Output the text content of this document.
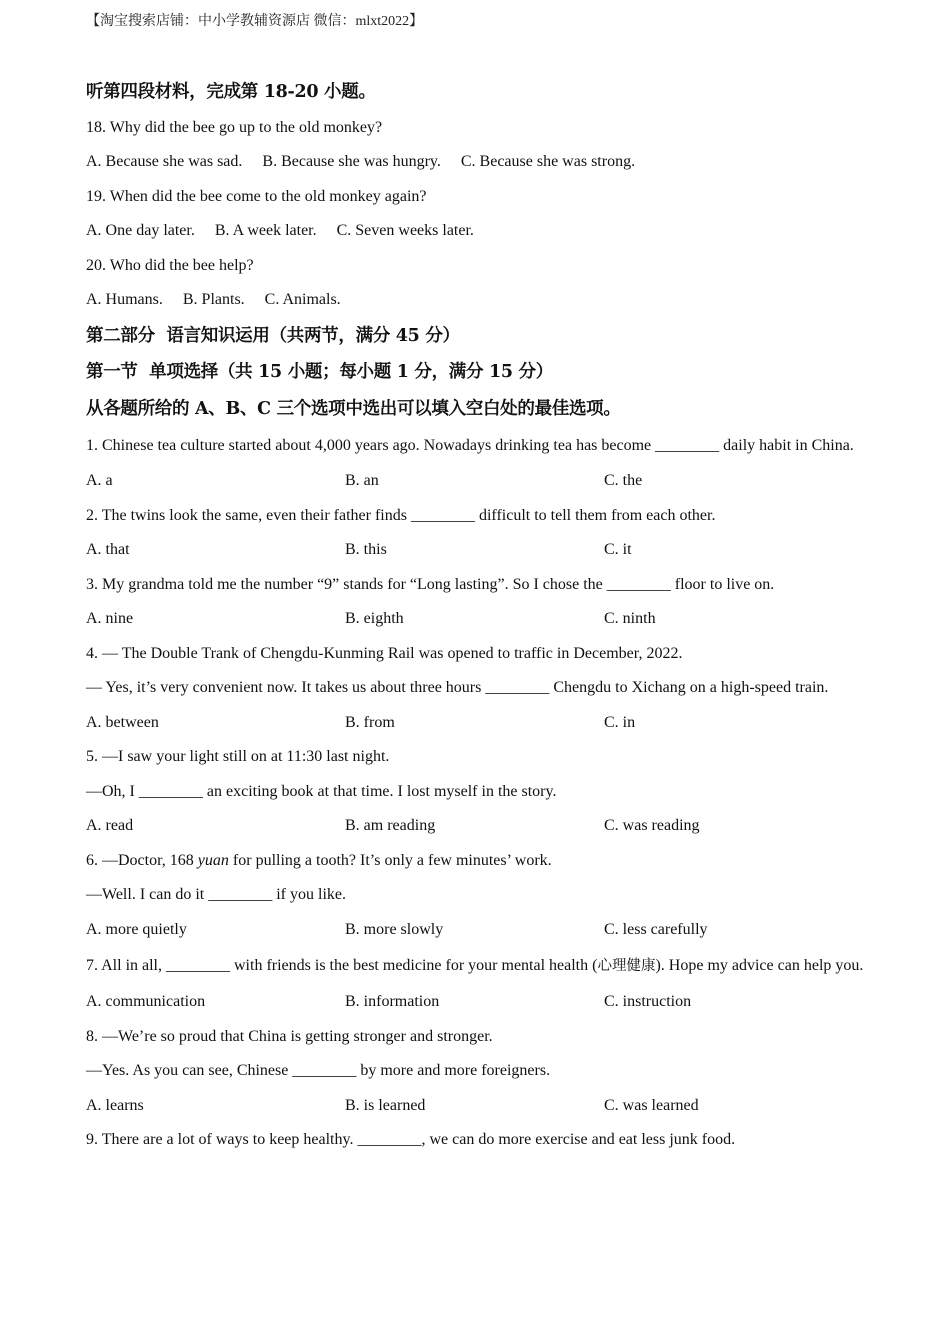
【淘宝搜索店铺：中小学教辅资源店 微信：mlxt2022】
听第四段材料，完成第 18-20 小题。
18. Why did the bee go up to the old monkey?
A. Because she was sad.     B. Because she was hungry.     C. Because she was strong.
19. When did the bee come to the old monkey again?
A. One day later.     B. A week later.     C. Seven weeks later.
20. Who did the bee help?
A. Humans.     B. Plants.     C. Animals.
第二部分  语言知识运用（共两节，满分 45 分）
第一节  单项选择（共 15 小题；每小题 1 分，满分 15 分）
从各题所给的 A、B、C 三个选项中选出可以填入空白处的最佳选项。
1. Chinese tea culture started about 4,000 years ago. Nowadays drinking tea has become ________ daily habit in China.
A. a	B. an	C. the
2. The twins look the same, even their father finds ________ difficult to tell them from each other.
A. that	B. this	C. it
3. My grandma told me the number “9” stands for “Long lasting”. So I chose the ________ floor to live on.
A. nine	B. eighth	C. ninth
4. — The Double Trank of Chengdu-Kunming Rail was opened to traffic in December, 2022.
— Yes, it’s very convenient now. It takes us about three hours ________ Chengdu to Xichang on a high-speed train.
A. between	B. from	C. in
5. —I saw your light still on at 11:30 last night.
—Oh, I ________ an exciting book at that time. I lost myself in the story.
A. read	B. am reading	C. was reading
6. —Doctor, 168 yuan for pulling a tooth? It’s only a few minutes’ work.
—Well. I can do it ________ if you like.
A. more quietly	B. more slowly	C. less carefully
7. All in all, ________ with friends is the best medicine for your mental health (心理健康). Hope my advice can help you.
A. communication	B. information	C. instruction
8. —We’re so proud that China is getting stronger and stronger.
—Yes. As you can see, Chinese ________ by more and more foreigners.
A. learns	B. is learned	C. was learned
9. There are a lot of ways to keep healthy. ________, we can do more exercise and eat less junk food.
